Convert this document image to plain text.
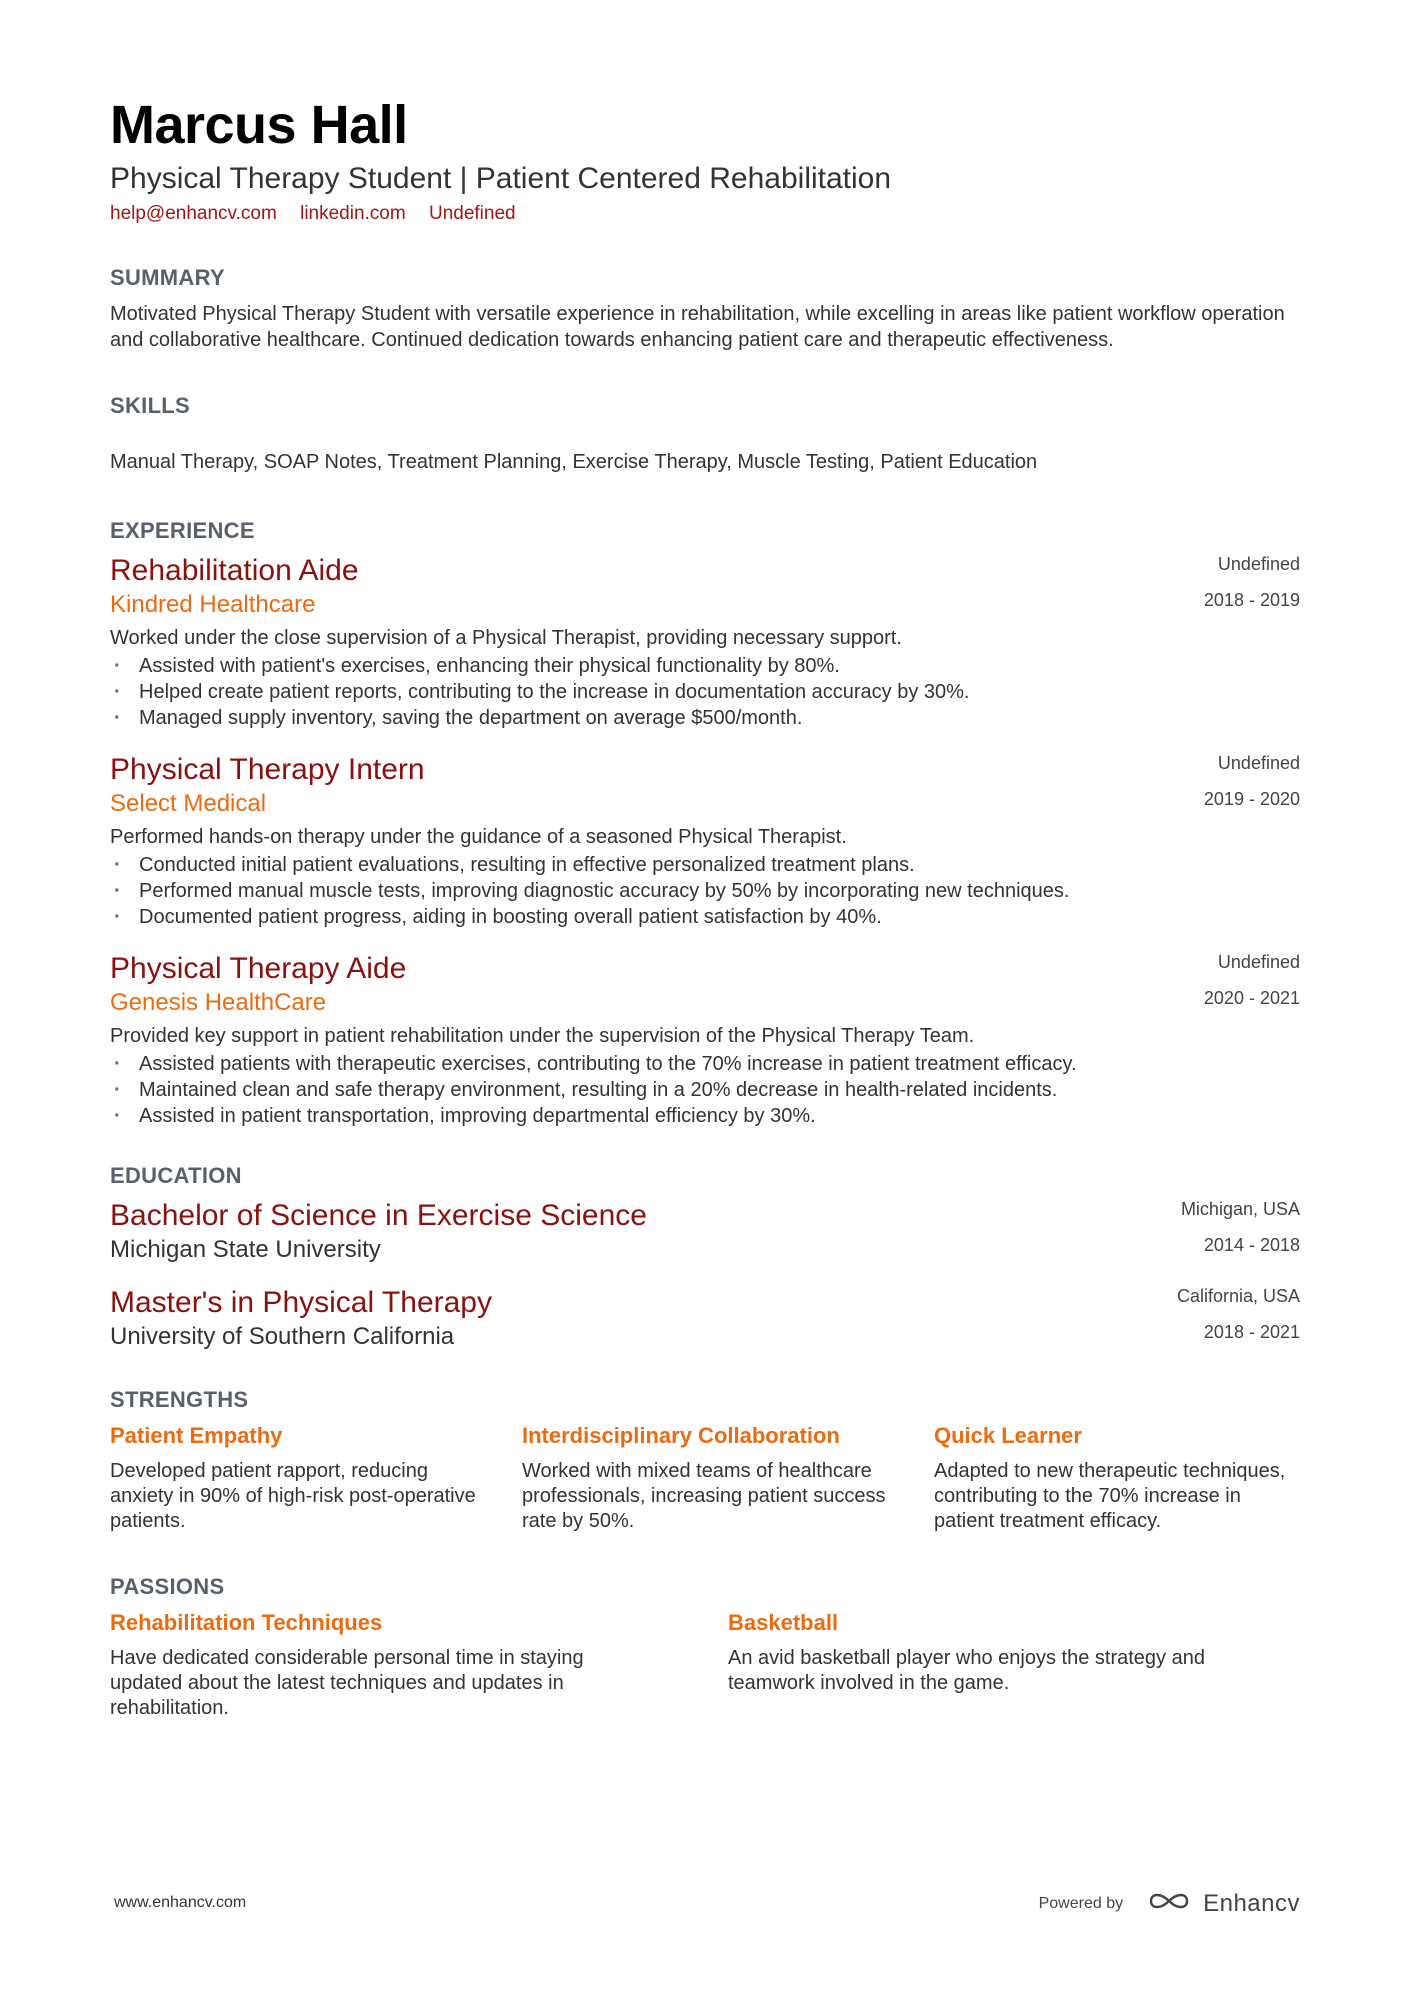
Marcus Hall
Physical Therapy Student | Patient Centered Rehabilitation
help@enhancv.com linkedin.com Undefined
SUMMARY
Motivated Physical Therapy Student with versatile experience in rehabilitation, while excelling in areas like patient workflow operation and collaborative healthcare. Continued dedication towards enhancing patient care and therapeutic effectiveness.
SKILLS
Manual Therapy, SOAP Notes, Treatment Planning, Exercise Therapy, Muscle Testing, Patient Education
EXPERIENCE
Rehabilitation Aide
Kindred Healthcare
Undefined
2018 - 2019
Worked under the close supervision of a Physical Therapist, providing necessary support.
· Assisted with patient's exercises, enhancing their physical functionality by 80%.
· Helped create patient reports, contributing to the increase in documentation accuracy by 30%.
· Managed supply inventory, saving the department on average $500/month.
Physical Therapy Intern
Select Medical
Undefined
2019 - 2020
Performed hands-on therapy under the guidance of a seasoned Physical Therapist.
· Conducted initial patient evaluations, resulting in effective personalized treatment plans.
· Performed manual muscle tests, improving diagnostic accuracy by 50% by incorporating new techniques.
· Documented patient progress, aiding in boosting overall patient satisfaction by 40%.
Physical Therapy Aide
Genesis HealthCare
Undefined
2020 - 2021
Provided key support in patient rehabilitation under the supervision of the Physical Therapy Team.
· Assisted patients with therapeutic exercises, contributing to the 70% increase in patient treatment efficacy.
· Maintained clean and safe therapy environment, resulting in a 20% decrease in health-related incidents.
· Assisted in patient transportation, improving departmental efficiency by 30%.
EDUCATION
Bachelor of Science in Exercise Science
Michigan State University
Michigan, USA
2014 - 2018
Master's in Physical Therapy
University of Southern California
California, USA
2018 - 2021
STRENGTHS
Patient Empathy
Developed patient rapport, reducing anxiety in 90% of high-risk post-operative patients.
Interdisciplinary Collaboration
Worked with mixed teams of healthcare professionals, increasing patient success rate by 50%.
Quick Learner
Adapted to new therapeutic techniques, contributing to the 70% increase in patient treatment efficacy.
PASSIONS
Rehabilitation Techniques
Have dedicated considerable personal time in staying updated about the latest techniques and updates in rehabilitation.
Basketball
An avid basketball player who enjoys the strategy and teamwork involved in the game.
www.enhancv.com	Powered by	Enhancv
